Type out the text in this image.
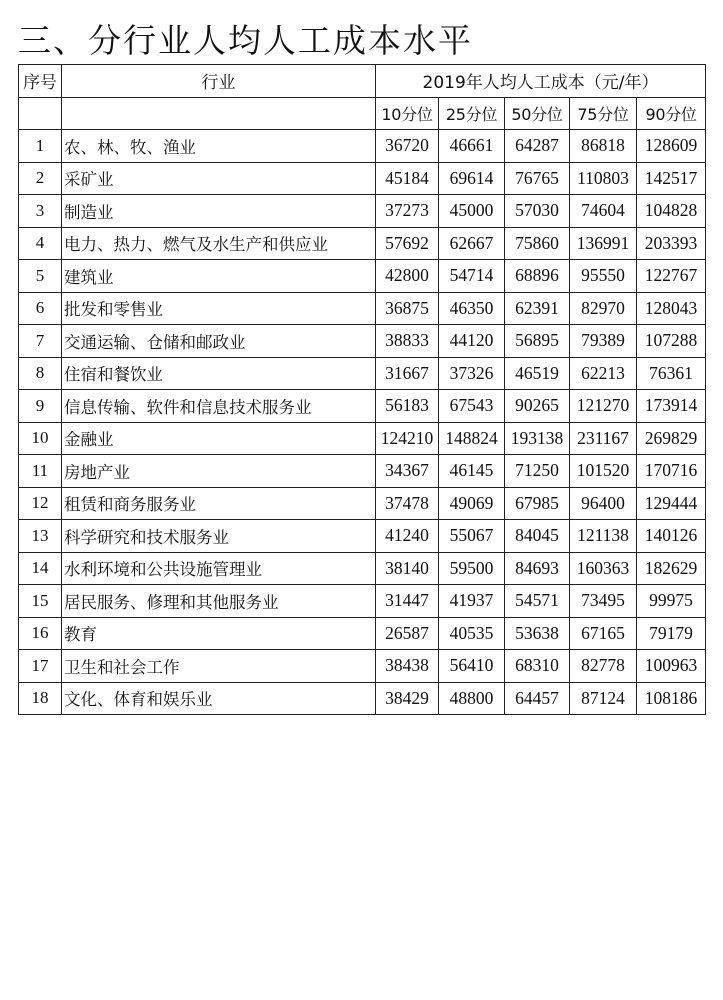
三、分行业人均人工成本水平
序号	行业	2019年人均人工成本（元/年）				
		10分位	25分位	50分位	75分位	90分位
1	农、林、牧、渔业	36720	46661	64287	86818	128609
2	采矿业	45184	69614	76765	110803	142517
3	制造业	37273	45000	57030	74604	104828
4	电力、热力、燃气及水生产和供应业	57692	62667	75860	136991	203393
5	建筑业	42800	54714	68896	95550	122767
6	批发和零售业	36875	46350	62391	82970	128043
7	交通运输、仓储和邮政业	38833	44120	56895	79389	107288
8	住宿和餐饮业	31667	37326	46519	62213	76361
9	信息传输、软件和信息技术服务业	56183	67543	90265	121270	173914
10	金融业	124210	148824	193138	231167	269829
11	房地产业	34367	46145	71250	101520	170716
12	租赁和商务服务业	37478	49069	67985	96400	129444
13	科学研究和技术服务业	41240	55067	84045	121138	140126
14	水利环境和公共设施管理业	38140	59500	84693	160363	182629
15	居民服务、修理和其他服务业	31447	41937	54571	73495	99975
16	教育	26587	40535	53638	67165	79179
17	卫生和社会工作	38438	56410	68310	82778	100963
18	文化、体育和娱乐业	38429	48800	64457	87124	108186
